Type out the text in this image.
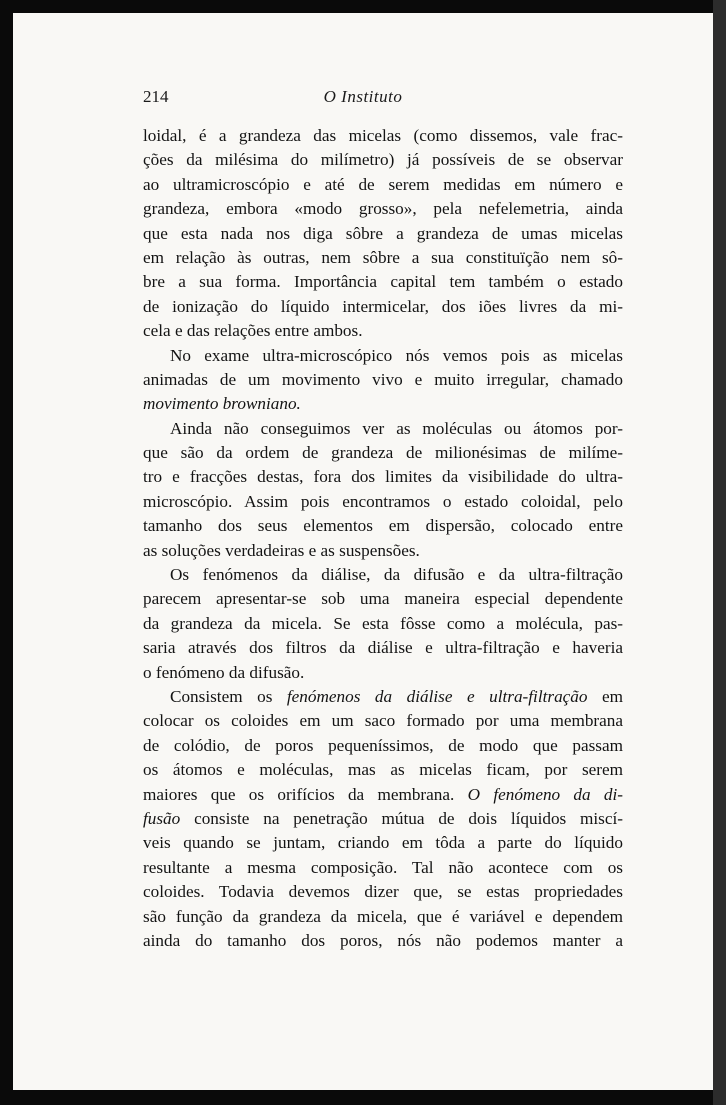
214	O Instituto
loidal, é a grandeza das micelas (como dissemos, vale frac-
ções da milésima do milímetro) já possíveis de se observar
ao ultramicroscópio e até de serem medidas em número e
grandeza, embora «modo grosso», pela nefelemetria, ainda
que esta nada nos diga sôbre a grandeza de umas micelas
em relação às outras, nem sôbre a sua constituïção nem sô-
bre a sua forma. Importância capital tem também o estado
de ionização do líquido intermicelar, dos iões livres da mi-
cela e das relações entre ambos.
No exame ultra-microscópico nós vemos pois as micelas
animadas de um movimento vivo e muito irregular, chamado
movimento browniano.
Ainda não conseguimos ver as moléculas ou átomos por-
que são da ordem de grandeza de milionésimas de milíme-
tro e fracções destas, fora dos limites da visibilidade do ultra-
microscópio. Assim pois encontramos o estado coloidal, pelo
tamanho dos seus elementos em dispersão, colocado entre
as soluções verdadeiras e as suspensões.
Os fenómenos da diálise, da difusão e da ultra-filtração
parecem apresentar-se sob uma maneira especial dependente
da grandeza da micela. Se esta fôsse como a molécula, pas-
saria através dos filtros da diálise e ultra-filtração e haveria
o fenómeno da difusão.
Consistem os fenómenos da diálise e ultra-filtração em
colocar os coloides em um saco formado por uma membrana
de colódio, de poros pequeníssimos, de modo que passam
os átomos e moléculas, mas as micelas ficam, por serem
maiores que os orifícios da membrana. O fenómeno da di-
fusão consiste na penetração mútua de dois líquidos miscí-
veis quando se juntam, criando em tôda a parte do líquido
resultante a mesma composição. Tal não acontece com os
coloides. Todavia devemos dizer que, se estas propriedades
são função da grandeza da micela, que é variável e dependem
ainda do tamanho dos poros, nós não podemos manter a
